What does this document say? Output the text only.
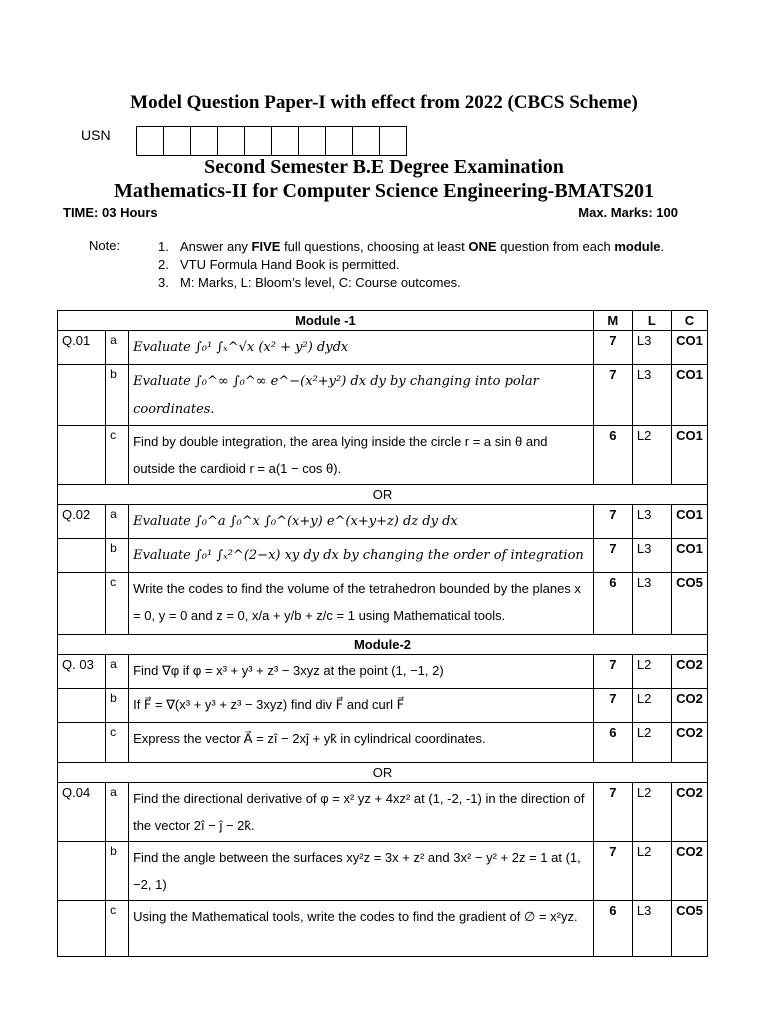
Model Question Paper-I with effect from 2022 (CBCS Scheme)
USN
Second Semester B.E Degree Examination
Mathematics-II for Computer Science Engineering-BMATS201
TIME: 03 Hours	Max. Marks: 100
Note:	1. Answer any FIVE full questions, choosing at least ONE question from each module.
2. VTU Formula Hand Book is permitted.
3. M: Marks, L: Bloom’s level, C: Course outcomes.
Module -1			M	L	C
Q.01	a	Evaluate ∫₀¹ ∫ₓ^√x (x² + y²) dydx	7	L3	CO1
	b	Evaluate ∫₀^∞ ∫₀^∞ e^−(x²+y²) dx dy by changing into polar coordinates.	7	L3	CO1
	c	Find by double integration, the area lying inside the circle r = a sin θ and outside the cardioid r = a(1 − cos θ).	6	L2	CO1
OR					
Q.02	a	Evaluate ∫₀^a ∫₀^x ∫₀^(x+y) e^(x+y+z) dz dy dx	7	L3	CO1
	b	Evaluate ∫₀¹ ∫ₓ²^(2−x) xy dy dx by changing the order of integration	7	L3	CO1
	c	Write the codes to find the volume of the tetrahedron bounded by the planes x = 0, y = 0 and z = 0, x/a + y/b + z/c = 1 using Mathematical tools.	6	L3	CO5
Module-2					
Q. 03	a	Find ∇φ if φ = x³ + y³ + z³ − 3xyz at the point (1, −1, 2)	7	L2	CO2
	b	If F⃗ = ∇(x³ + y³ + z³ − 3xyz) find div F⃗ and curl F⃗	7	L2	CO2
	c	Express the vector A⃗ = zî − 2xĵ + yk̂ in cylindrical coordinates.	6	L2	CO2
OR					
Q.04	a	Find the directional derivative of φ = x² yz + 4xz² at (1, -2, -1) in the direction of the vector 2î − ĵ − 2k̂.	7	L2	CO2
	b	Find the angle between the surfaces xy²z = 3x + z² and 3x² − y² + 2z = 1 at (1, −2, 1)	7	L2	CO2
	c	Using the Mathematical tools, write the codes to find the gradient of ∅ = x²yz.	6	L3	CO5
